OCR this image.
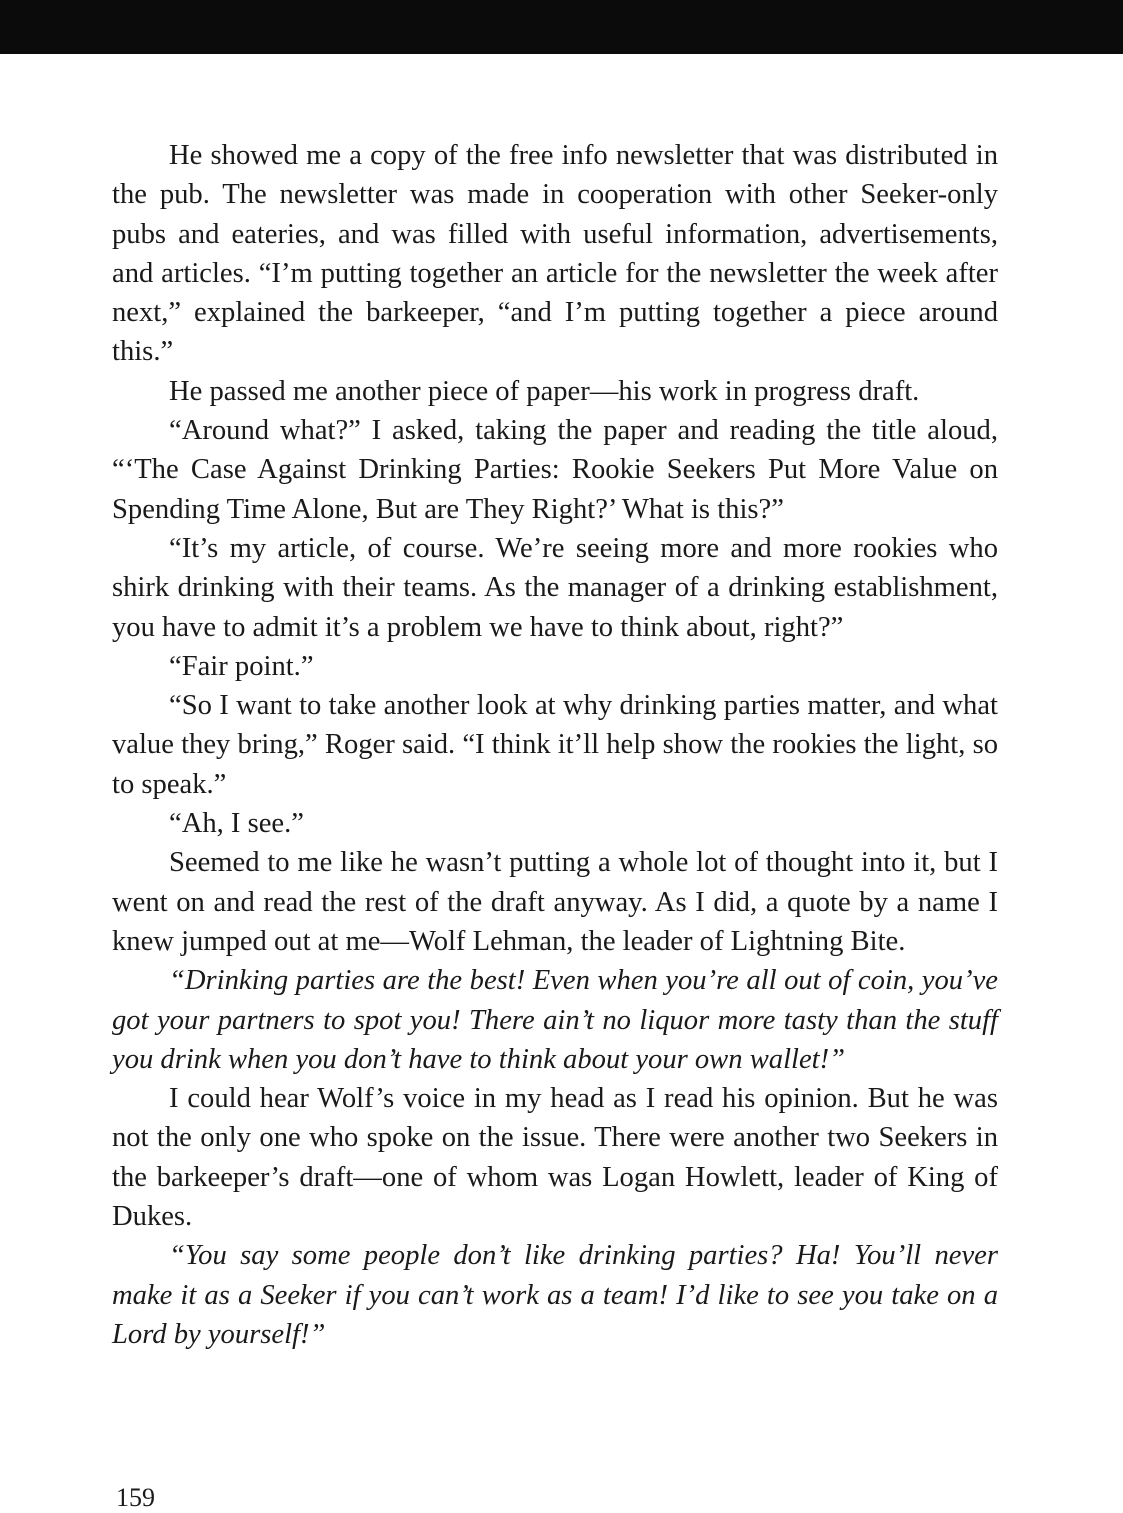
He showed me a copy of the free info newsletter that was distributed in the pub. The newsletter was made in cooperation with other Seeker-only pubs and eateries, and was filled with useful information, advertisements, and articles. “I’m putting together an article for the newsletter the week after next,” explained the barkeeper, “and I’m putting together a piece around this.”

He passed me another piece of paper—his work in progress draft.

“Around what?” I asked, taking the paper and reading the title aloud, “‘The Case Against Drinking Parties: Rookie Seekers Put More Value on Spending Time Alone, But are They Right?’ What is this?”

“It’s my article, of course. We’re seeing more and more rookies who shirk drinking with their teams. As the manager of a drinking establishment, you have to admit it’s a problem we have to think about, right?”

“Fair point.”

“So I want to take another look at why drinking parties matter, and what value they bring,” Roger said. “I think it’ll help show the rookies the light, so to speak.”

“Ah, I see.”

Seemed to me like he wasn’t putting a whole lot of thought into it, but I went on and read the rest of the draft anyway. As I did, a quote by a name I knew jumped out at me—Wolf Lehman, the leader of Lightning Bite.

“Drinking parties are the best! Even when you’re all out of coin, you’ve got your partners to spot you! There ain’t no liquor more tasty than the stuff you drink when you don’t have to think about your own wallet!”

I could hear Wolf’s voice in my head as I read his opinion. But he was not the only one who spoke on the issue. There were another two Seekers in the barkeeper’s draft—one of whom was Logan Howlett, leader of King of Dukes.

“You say some people don’t like drinking parties? Ha! You’ll never make it as a Seeker if you can’t work as a team! I’d like to see you take on a Lord by yourself!”

159
